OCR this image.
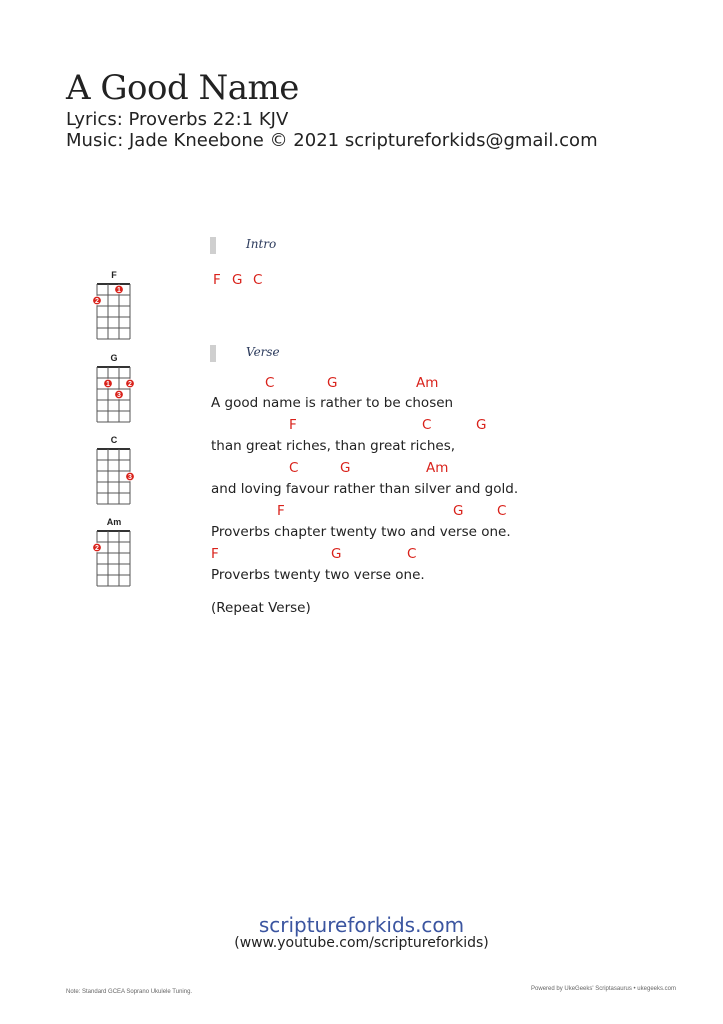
A Good Name
Lyrics: Proverbs 22:1 KJV
Music: Jade Kneebone © 2021 scriptureforkids@gmail.com
F
2
1
G
1
3
2
C
3
Am
2
Intro
F G C
Verse
C	G	Am
A good name is rather to be chosen
F	C	G
than great riches, than great riches,
C	G	Am
and loving favour rather than silver and gold.
F	G C
Proverbs chapter twenty two and verse one.
F	G	C
Proverbs twenty two verse one.
(Repeat Verse)
scriptureforkids.com
(www.youtube.com/scriptureforkids)
Note: Standard GCEA Soprano Ukulele Tuning.	Powered by UkeGeeks' Scriptasaurus • ukegeeks.com
